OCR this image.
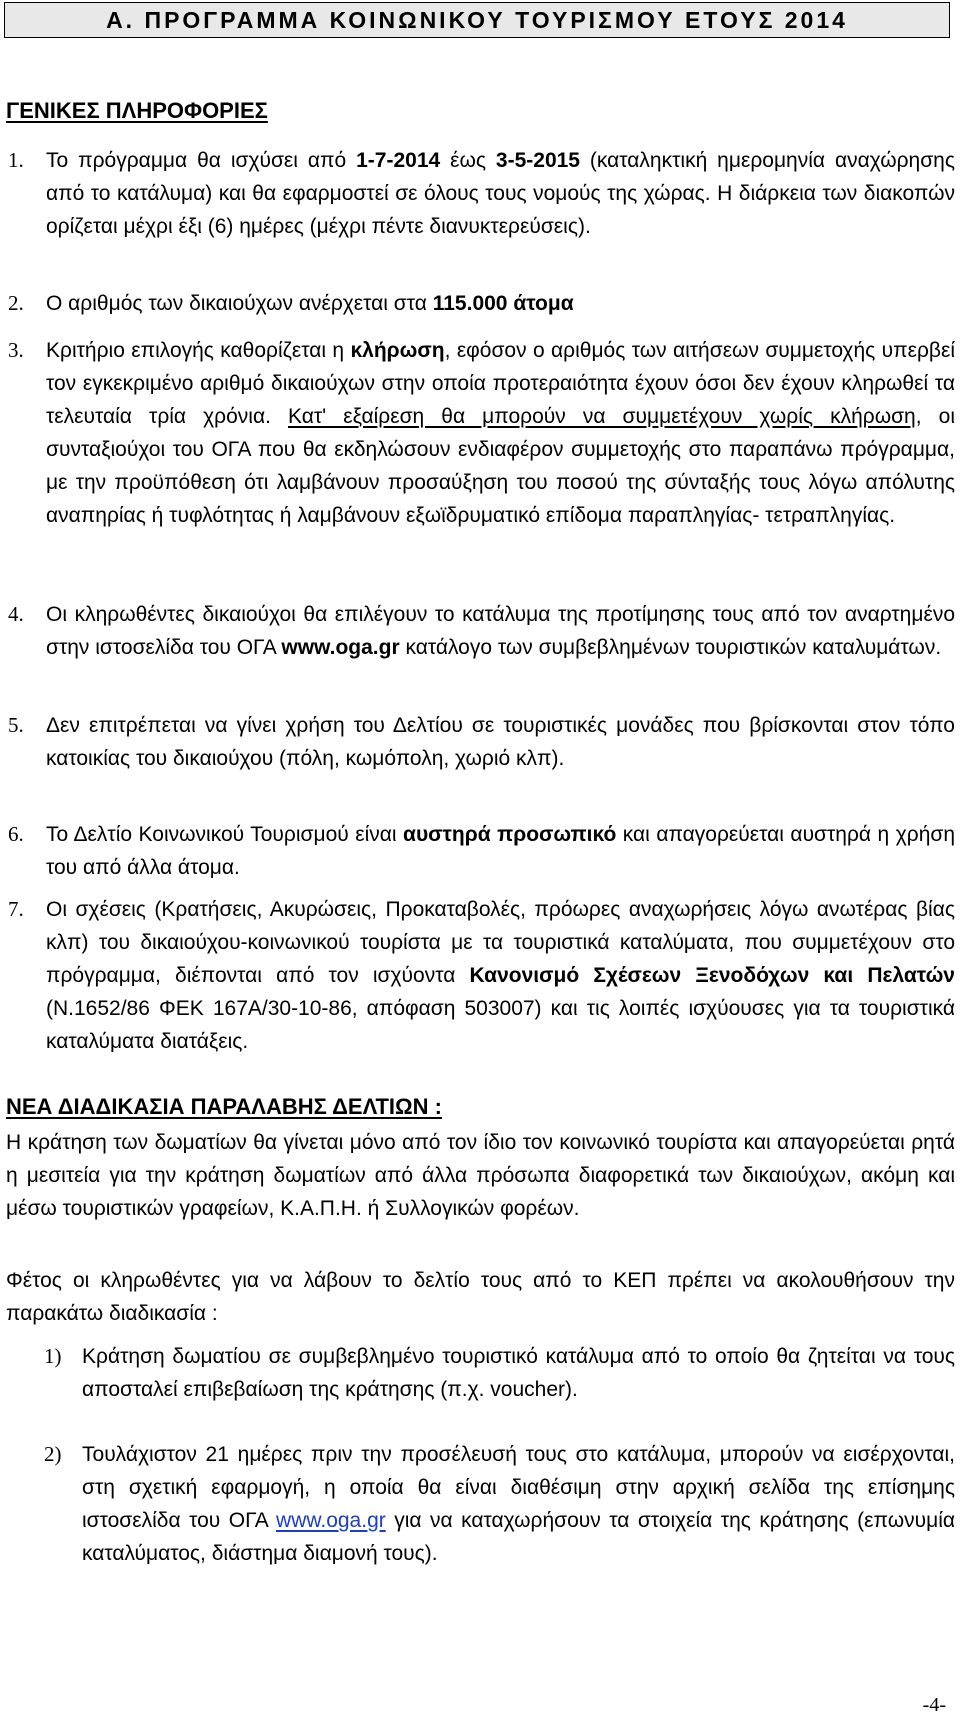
Α. ΠΡΟΓΡΑΜΜΑ ΚΟΙΝΩΝΙΚΟΥ ΤΟΥΡΙΣΜΟΥ ΕΤΟΥΣ 2014
ΓΕΝΙΚΕΣ ΠΛΗΡΟΦΟΡΙΕΣ
1.	Το πρόγραμμα θα ισχύσει από 1-7-2014 έως 3-5-2015 (καταληκτική ημερομηνία αναχώρησης από το κατάλυμα) και θα εφαρμοστεί σε όλους τους νομούς της χώρας. Η διάρκεια των διακοπών ορίζεται μέχρι έξι (6) ημέρες (μέχρι πέντε διανυκτερεύσεις).
2.	Ο αριθμός των δικαιούχων ανέρχεται στα 115.000 άτομα
3.	Κριτήριο επιλογής καθορίζεται η κλήρωση, εφόσον ο αριθμός των αιτήσεων συμμετοχής υπερβεί τον εγκεκριμένο αριθμό δικαιούχων στην οποία προτεραιότητα έχουν όσοι δεν έχουν κληρωθεί τα τελευταία τρία χρόνια. Κατ' εξαίρεση θα μπορούν να συμμετέχουν χωρίς κλήρωση, οι συνταξιούχοι του ΟΓΑ που θα εκδηλώσουν ενδιαφέρον συμμετοχής στο παραπάνω πρόγραμμα, με την προϋπόθεση ότι λαμβάνουν προσαύξηση του ποσού της σύνταξής τους λόγω απόλυτης αναπηρίας ή τυφλότητας ή λαμβάνουν εξωϊδρυματικό επίδομα παραπληγίας- τετραπληγίας.
4.	Οι κληρωθέντες δικαιούχοι θα επιλέγουν το κατάλυμα της προτίμησης τους από τον αναρτημένο στην ιστοσελίδα του ΟΓΑ www.oga.gr κατάλογο των συμβεβλημένων τουριστικών καταλυμάτων.
5.	Δεν επιτρέπεται να γίνει χρήση του Δελτίου σε τουριστικές μονάδες που βρίσκονται στον τόπο κατοικίας του δικαιούχου (πόλη, κωμόπολη, χωριό κλπ).
6.	Το Δελτίο Κοινωνικού Τουρισμού είναι αυστηρά προσωπικό και απαγορεύεται αυστηρά η χρήση του από άλλα άτομα.
7.	Οι σχέσεις (Κρατήσεις, Ακυρώσεις, Προκαταβολές, πρόωρες αναχωρήσεις λόγω ανωτέρας βίας κλπ) του δικαιούχου-κοινωνικού τουρίστα με τα τουριστικά καταλύματα, που συμμετέχουν στο πρόγραμμα, διέπονται από τον ισχύοντα Κανονισμό Σχέσεων Ξενοδόχων και Πελατών (Ν.1652/86 ΦΕΚ 167Α/30-10-86, απόφαση 503007) και τις λοιπές ισχύουσες για τα τουριστικά καταλύματα διατάξεις.
ΝΕΑ ΔΙΑΔΙΚΑΣΙΑ ΠΑΡΑΛΑΒΗΣ ΔΕΛΤΙΩΝ :

Η κράτηση των δωματίων θα γίνεται μόνο από τον ίδιο τον κοινωνικό τουρίστα και απαγορεύεται ρητά η μεσιτεία για την κράτηση δωματίων από άλλα πρόσωπα διαφορετικά των δικαιούχων, ακόμη και μέσω τουριστικών γραφείων, Κ.Α.Π.Η. ή Συλλογικών φορέων.

Φέτος οι κληρωθέντες για να λάβουν το δελτίο τους από το ΚΕΠ πρέπει να ακολουθήσουν την παρακάτω διαδικασία :

1) Κράτηση δωματίου σε συμβεβλημένο τουριστικό κατάλυμα από το οποίο θα ζητείται να τους αποσταλεί επιβεβαίωση της κράτησης (π.χ. voucher).
2) Τουλάχιστον 21 ημέρες πριν την προσέλευσή τους στο κατάλυμα, μπορούν να εισέρχονται, στη σχετική εφαρμογή, η οποία θα είναι διαθέσιμη στην αρχική σελίδα της επίσημης ιστοσελίδα του ΟΓΑ www.oga.gr για να καταχωρήσουν τα στοιχεία της κράτησης (επωνυμία καταλύματος, διάστημα διαμονή τους).
-4-
